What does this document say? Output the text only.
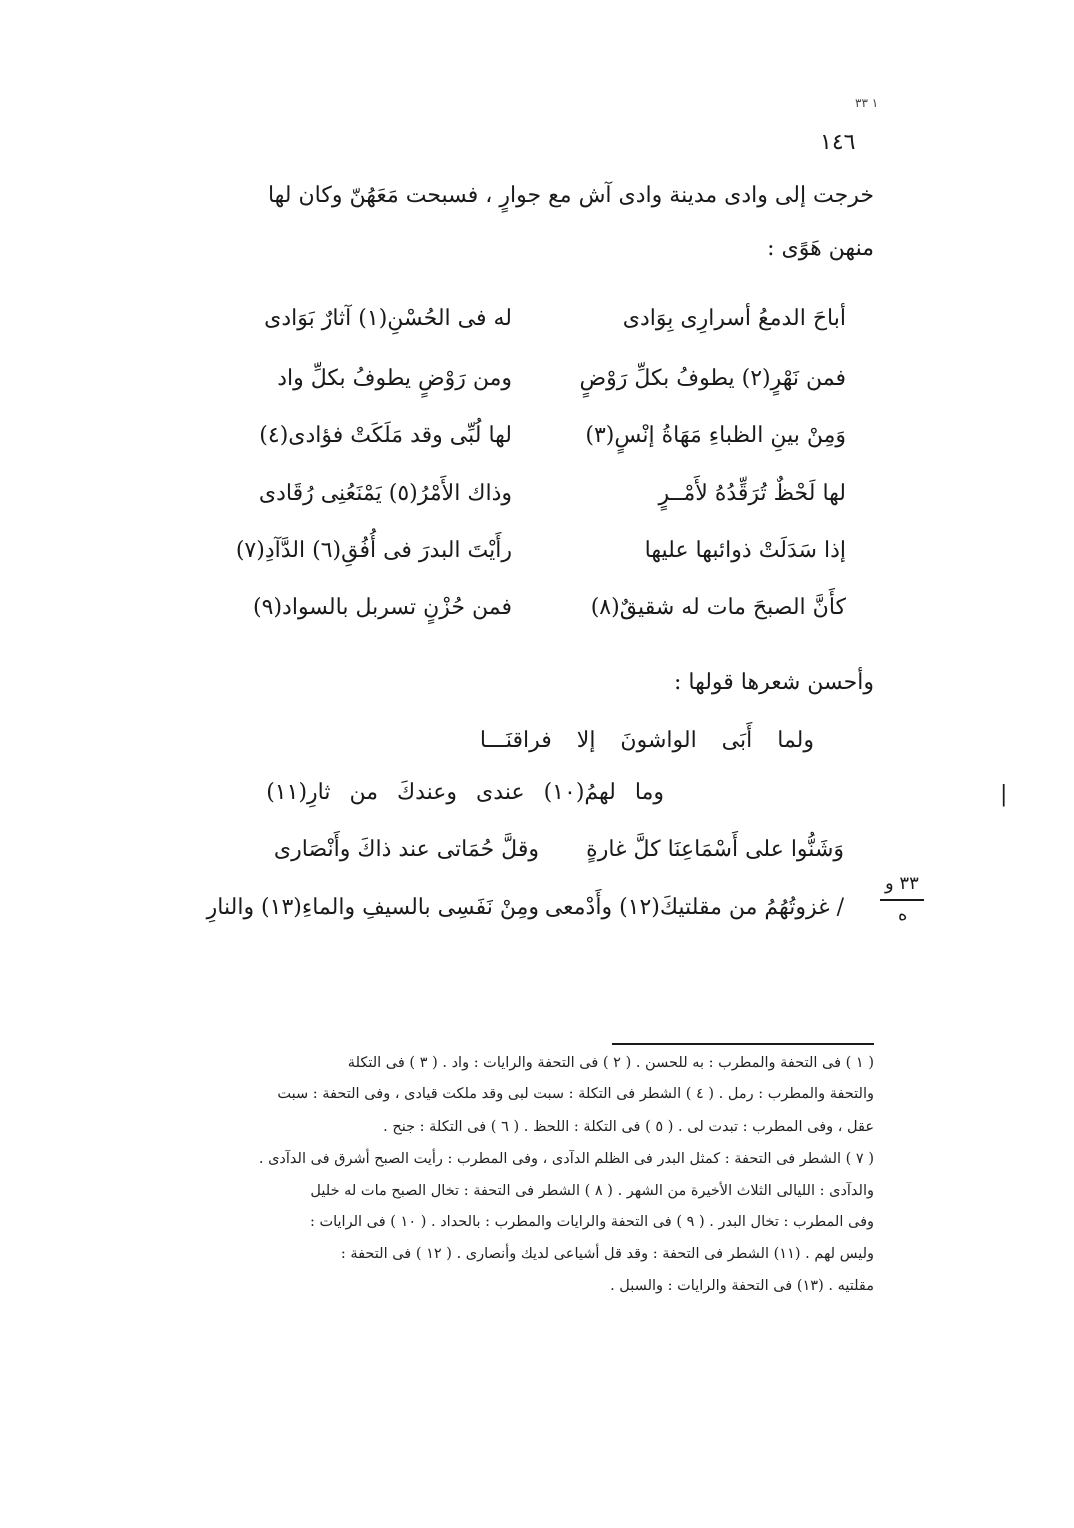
١ ٣٣
١٤٦
خرجت إلى وادى مدينة وادى آش مع جوارٍ ، فسبحت مَعَهُنّ وكان لها
منهن هَوًى :
أباحَ الدمعُ أسرارِى بِوَادى
له فى الحُسْنِ(١) آثارٌ بَوَادى
فمن نَهْرٍ(٢) يطوفُ بكلِّ رَوْضٍ
ومن رَوْضٍ يطوفُ بكلِّ واد
وَمِنْ بينِ الظباءِ مَهَاةُ إنْسٍ(٣)
لها لُبِّى وقد مَلَكَتْ فؤادى(٤)
لها لَحْظٌ تُرَقِّدُهُ لأَمْــرٍ
وذاك الأَمْرُ(٥) يَمْنَعُنِى رُقَادى
إذا سَدَلَتْ ذوائبها عليها
رأَيْتَ البدرَ فى أُفُقِ(٦) الدَّآدِ(٧)
كأَنَّ الصبحَ مات له شقيقٌ(٨)
فمن حُزْنٍ تسربل بالسواد(٩)
وأحسن شعرها قولها :
ولما أَبَى الواشونَ إلا فراقنَـــا
وما لهمُ(١٠) عندى وعندكَ من ثارِ(١١)
وَشَنُّوا على أَسْمَاعِنَا كلَّ غارةٍ
وقلَّ حُمَاتى عند ذاكَ وأَنْصَارى
/ غزوتُهُمُ من مقلتيكَ(١٢) وأَدْمعى
ومِنْ نَفَسِى بالسيفِ والماءِ(١٣) والنارِ
|
٣٣ و
ه
( ١ ) فى التحفة والمطرب : به للحسن . ( ٢ ) فى التحفة والرايات : واد . ( ٣ ) فى التكلة
والتحفة والمطرب : رمل . ( ٤ ) الشطر فى التكلة : سبت لبى وقد ملكت قيادى ، وفى التحفة : سبت
عقل ، وفى المطرب : تبدت لى . ( ٥ ) فى التكلة : اللحظ . ( ٦ ) فى التكلة : جنح .
( ٧ ) الشطر فى التحفة : كمثل البدر فى الظلم الدآدى ، وفى المطرب : رأيت الصبح أشرق فى الدآدى .
والدآدى : الليالى الثلاث الأخيرة من الشهر . ( ٨ ) الشطر فى التحفة : تخال الصبح مات له خليل
وفى المطرب : تخال البدر . ( ٩ ) فى التحفة والرايات والمطرب : بالحداد . ( ١٠ ) فى الرايات :
وليس لهم . (١١) الشطر فى التحفة : وقد قل أشياعى لديك وأنصارى . ( ١٢ ) فى التحفة :
مقلتيه . (١٣) فى التحفة والرايات : والسبل .
